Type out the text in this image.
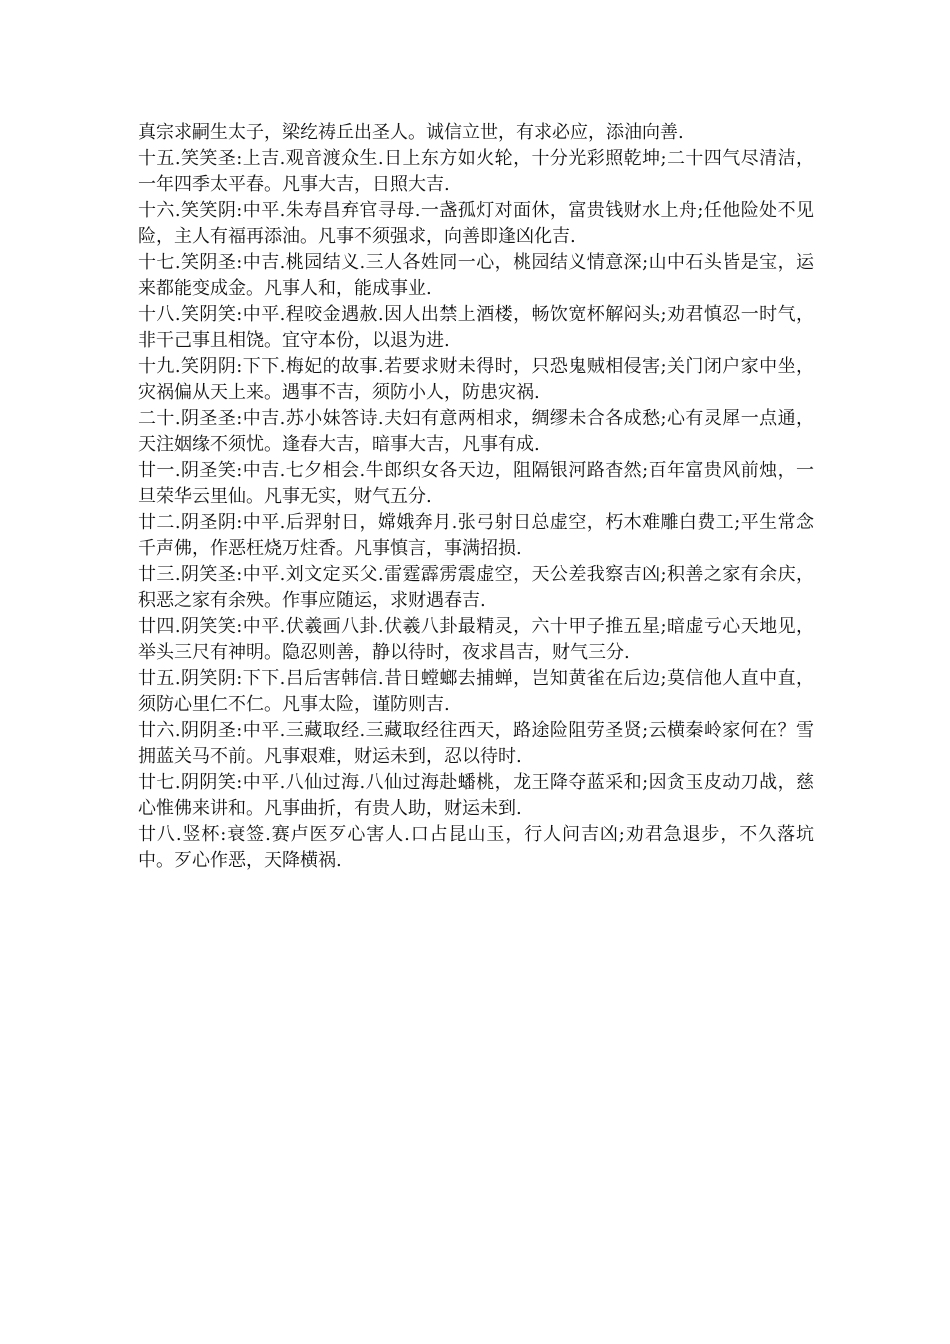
真宗求嗣生太子，梁纥祷丘出圣人。诚信立世，有求必应，添油向善.

十五.笑笑圣:上吉.观音渡众生.日上东方如火轮，十分光彩照乾坤;二十四气尽清洁，一年四季太平春。凡事大吉，日照大吉.

十六.笑笑阴:中平.朱寿昌弃官寻母.一盏孤灯对面休，富贵钱财水上舟;任他险处不见险，主人有福再添油。凡事不须强求，向善即逢凶化吉.

十七.笑阴圣:中吉.桃园结义.三人各姓同一心，桃园结义情意深;山中石头皆是宝，运来都能变成金。凡事人和，能成事业.

十八.笑阴笑:中平.程咬金遇赦.因人出禁上酒楼，畅饮宽杯解闷头;劝君慎忍一时气，非干己事且相饶。宜守本份，以退为进.

十九.笑阴阴:下下.梅妃的故事.若要求财未得时，只恐鬼贼相侵害;关门闭户家中坐，灾祸偏从天上来。遇事不吉，须防小人，防患灾祸.

二十.阴圣圣:中吉.苏小妹答诗.夫妇有意两相求，绸缪未合各成愁;心有灵犀一点通，天注姻缘不须忧。逢春大吉，暗事大吉，凡事有成.

廿一.阴圣笑:中吉.七夕相会.牛郎织女各天边，阻隔银河路杳然;百年富贵风前烛，一旦荣华云里仙。凡事无实，财气五分.

廿二.阴圣阴:中平.后羿射日，嫦娥奔月.张弓射日总虚空，朽木难雕白费工;平生常念千声佛，作恶枉烧万炷香。凡事慎言，事满招损.

廿三.阴笑圣:中平.刘文定买父.雷霆霹雳震虚空，天公差我察吉凶;积善之家有余庆，积恶之家有余殃。作事应随运，求财遇春吉.

廿四.阴笑笑:中平.伏羲画八卦.伏羲八卦最精灵，六十甲子推五星;暗虚亏心天地见，举头三尺有神明。隐忍则善，静以待时，夜求昌吉，财气三分.

廿五.阴笑阴:下下.吕后害韩信.昔日螳螂去捕蝉，岂知黄雀在后边;莫信他人直中直，须防心里仁不仁。凡事太险，谨防则吉.

廿六.阴阴圣:中平.三藏取经.三藏取经往西天，路途险阻劳圣贤;云横秦岭家何在？雪拥蓝关马不前。凡事艰难，财运未到，忍以待时.

廿七.阴阴笑:中平.八仙过海.八仙过海赴蟠桃，龙王降夺蓝采和;因贪玉皮动刀战，慈心惟佛来讲和。凡事曲折，有贵人助，财运未到.

廿八.竖杯:衰签.赛卢医歹心害人.口占昆山玉，行人问吉凶;劝君急退步，不久落坑中。歹心作恶，天降横祸.
